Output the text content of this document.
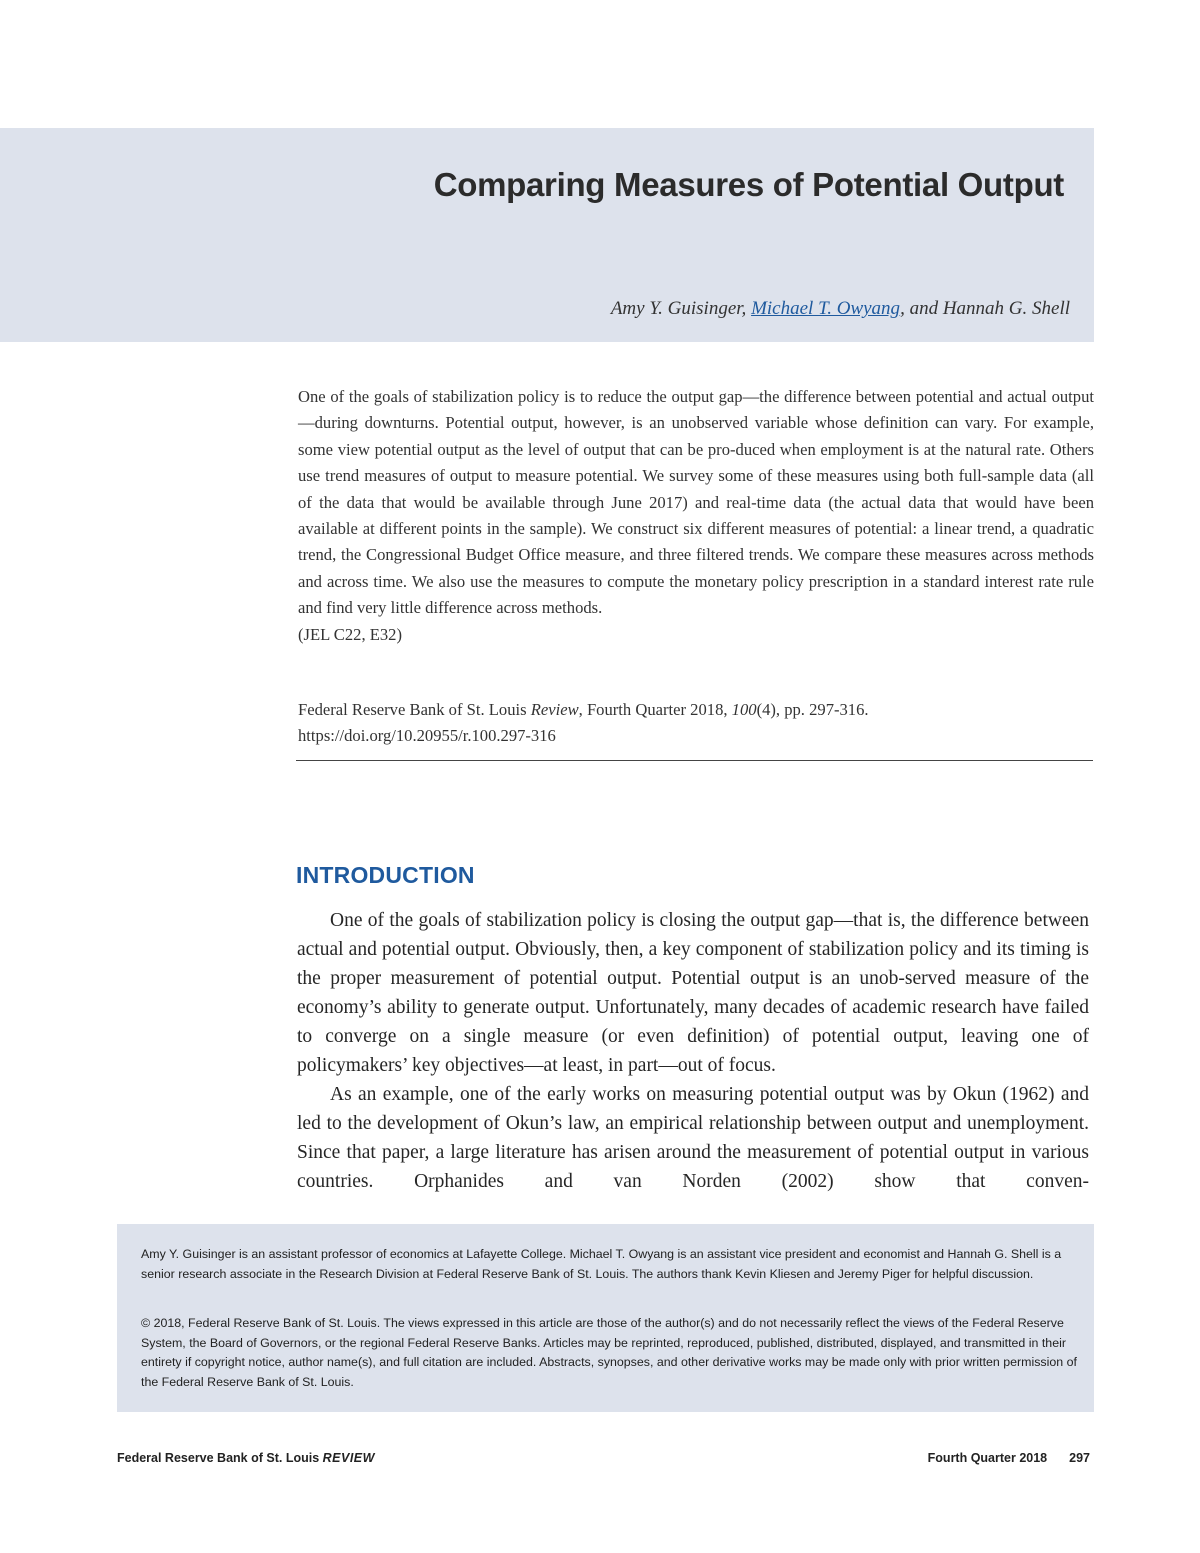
Comparing Measures of Potential Output
Amy Y. Guisinger, Michael T. Owyang, and Hannah G. Shell
One of the goals of stabilization policy is to reduce the output gap—the difference between potential and actual output—during downturns. Potential output, however, is an unobserved variable whose definition can vary. For example, some view potential output as the level of output that can be pro-duced when employment is at the natural rate. Others use trend measures of output to measure potential. We survey some of these measures using both full-sample data (all of the data that would be available through June 2017) and real-time data (the actual data that would have been available at different points in the sample). We construct six different measures of potential: a linear trend, a quadratic trend, the Congressional Budget Office measure, and three filtered trends. We compare these measures across methods and across time. We also use the measures to compute the monetary policy prescription in a standard interest rate rule and find very little difference across methods.
(JEL C22, E32)
Federal Reserve Bank of St. Louis Review, Fourth Quarter 2018, 100(4), pp. 297-316.
https://doi.org/10.20955/r.100.297-316
INTRODUCTION

One of the goals of stabilization policy is closing the output gap—that is, the difference between actual and potential output. Obviously, then, a key component of stabilization policy and its timing is the proper measurement of potential output. Potential output is an unob-served measure of the economy’s ability to generate output. Unfortunately, many decades of academic research have failed to converge on a single measure (or even definition) of potential output, leaving one of policymakers’ key objectives—at least, in part—out of focus.

As an example, one of the early works on measuring potential output was by Okun (1962) and led to the development of Okun’s law, an empirical relationship between output and unemployment. Since that paper, a large literature has arisen around the measurement of potential output in various countries. Orphanides and van Norden (2002) show that conven-

Amy Y. Guisinger is an assistant professor of economics at Lafayette College. Michael T. Owyang is an assistant vice president and economist and Hannah G. Shell is a senior research associate in the Research Division at Federal Reserve Bank of St. Louis. The authors thank Kevin Kliesen and Jeremy Piger for helpful discussion.

© 2018, Federal Reserve Bank of St. Louis. The views expressed in this article are those of the author(s) and do not necessarily reflect the views of the Federal Reserve System, the Board of Governors, or the regional Federal Reserve Banks. Articles may be reprinted, reproduced, published, distributed, displayed, and transmitted in their entirety if copyright notice, author name(s), and full citation are included. Abstracts, synopses, and other derivative works may be made only with prior written permission of the Federal Reserve Bank of St. Louis.

Federal Reserve Bank of St. Louis REVIEW	Fourth Quarter 2018 297
